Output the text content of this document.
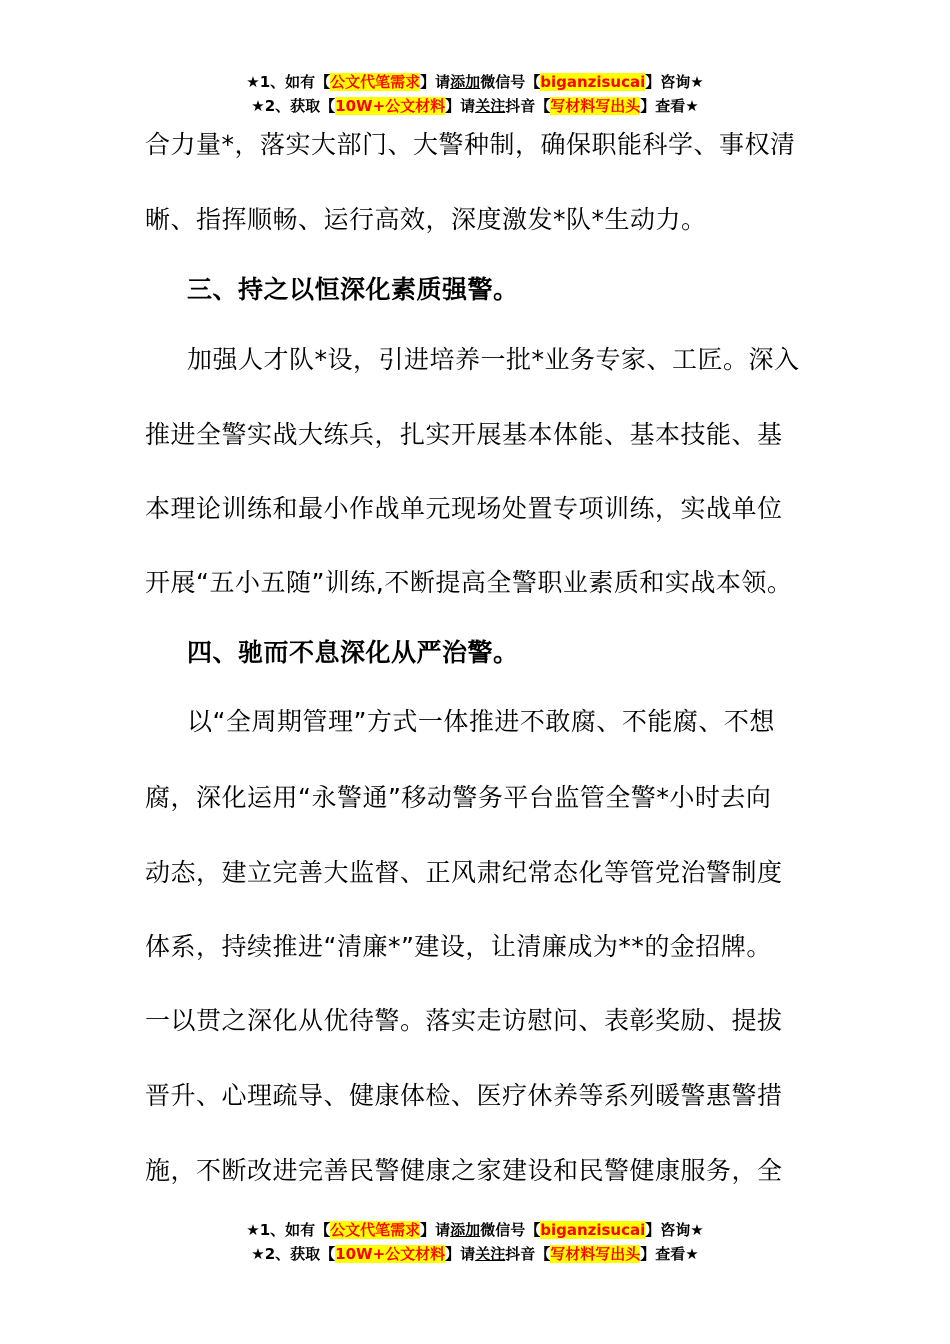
★1、如有【公文代笔需求】请添加微信号【biganzisucai】咨询★
★2、获取【10W+公文材料】请关注抖音【写材料写出头】查看★
合力量*，落实大部门、大警种制，确保职能科学、事权清
晰、指挥顺畅、运行高效，深度激发*队*生动力。
三、持之以恒深化素质强警。
加强人才队*设，引进培养一批*业务专家、工匠。深入
推进全警实战大练兵，扎实开展基本体能、基本技能、基
本理论训练和最小作战单元现场处置专项训练，实战单位
开展“五小五随”训练,不断提高全警职业素质和实战本领。
四、驰而不息深化从严治警。
以“全周期管理”方式一体推进不敢腐、不能腐、不想
腐，深化运用“永警通”移动警务平台监管全警*小时去向
动态，建立完善大监督、正风肃纪常态化等管党治警制度
体系，持续推进“清廉*”建设，让清廉成为**的金招牌。
一以贯之深化从优待警。落实走访慰问、表彰奖励、提拔
晋升、心理疏导、健康体检、医疗休养等系列暖警惠警措
施，不断改进完善民警健康之家建设和民警健康服务，全
★1、如有【公文代笔需求】请添加微信号【biganzisucai】咨询★
★2、获取【10W+公文材料】请关注抖音【写材料写出头】查看★
